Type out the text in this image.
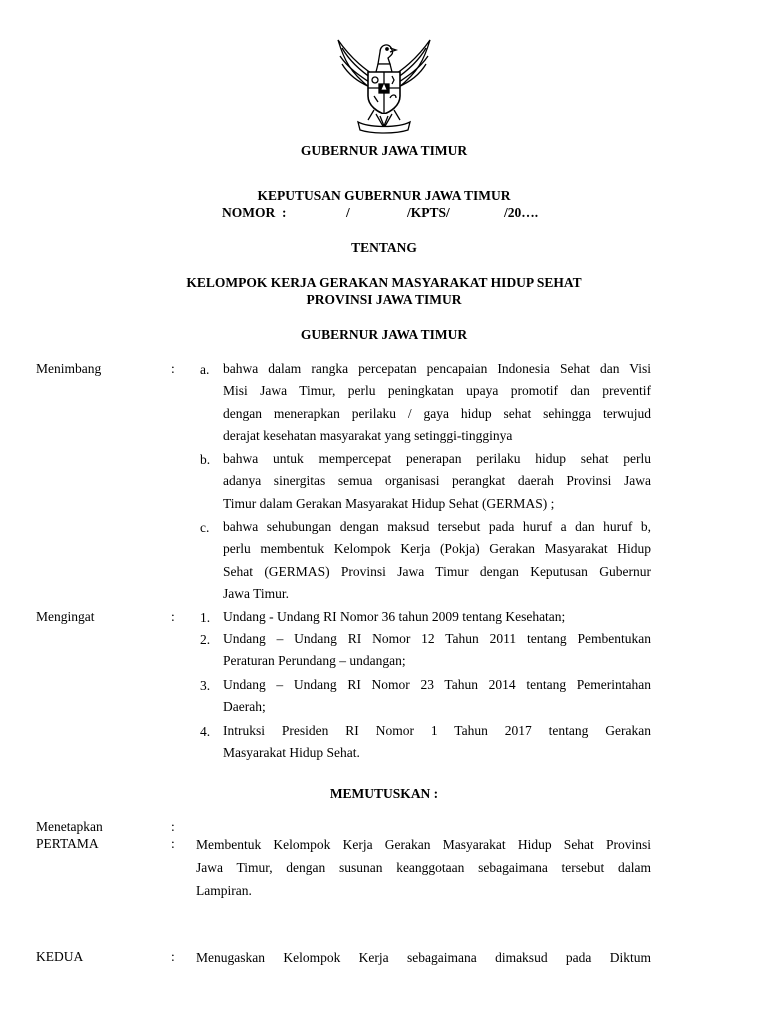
GUBERNUR JAWA TIMUR
KEPUTUSAN GUBERNUR JAWA TIMUR
NOMOR  :	/	/KPTS/	/20….
TENTANG
KELOMPOK KERJA GERAKAN MASYARAKAT HIDUP SEHAT
PROVINSI JAWA TIMUR
GUBERNUR JAWA TIMUR
Menimbang	: a. bahwa dalam rangka percepatan pencapaian Indonesia Sehat dan Visi
Misi Jawa Timur, perlu peningkatan upaya promotif dan preventif
dengan menerapkan perilaku / gaya hidup sehat sehingga terwujud
derajat kesehatan masyarakat yang setinggi-tingginya
b. bahwa untuk mempercepat penerapan perilaku hidup sehat perlu
adanya sinergitas semua organisasi perangkat daerah Provinsi Jawa
Timur dalam Gerakan Masyarakat Hidup Sehat (GERMAS) ;
c. bahwa sehubungan dengan maksud tersebut pada huruf a dan huruf b,
perlu membentuk Kelompok Kerja (Pokja) Gerakan Masyarakat Hidup
Sehat (GERMAS) Provinsi Jawa Timur dengan Keputusan Gubernur
Jawa Timur.
Mengingat	: 1. Undang - Undang RI Nomor 36 tahun 2009 tentang Kesehatan;
2. Undang – Undang RI Nomor 12 Tahun 2011 tentang Pembentukan
Peraturan Perundang – undangan;
3. Undang – Undang RI Nomor 23 Tahun 2014 tentang Pemerintahan
Daerah;
4. Intruksi Presiden RI Nomor 1 Tahun 2017 tentang Gerakan
Masyarakat Hidup Sehat.
MEMUTUSKAN :
Menetapkan	:
PERTAMA	: Membentuk Kelompok Kerja Gerakan Masyarakat Hidup Sehat Provinsi
Jawa Timur, dengan susunan keanggotaan sebagaimana tersebut dalam
Lampiran.
KEDUA	: Menugaskan Kelompok Kerja sebagaimana dimaksud pada Diktum
